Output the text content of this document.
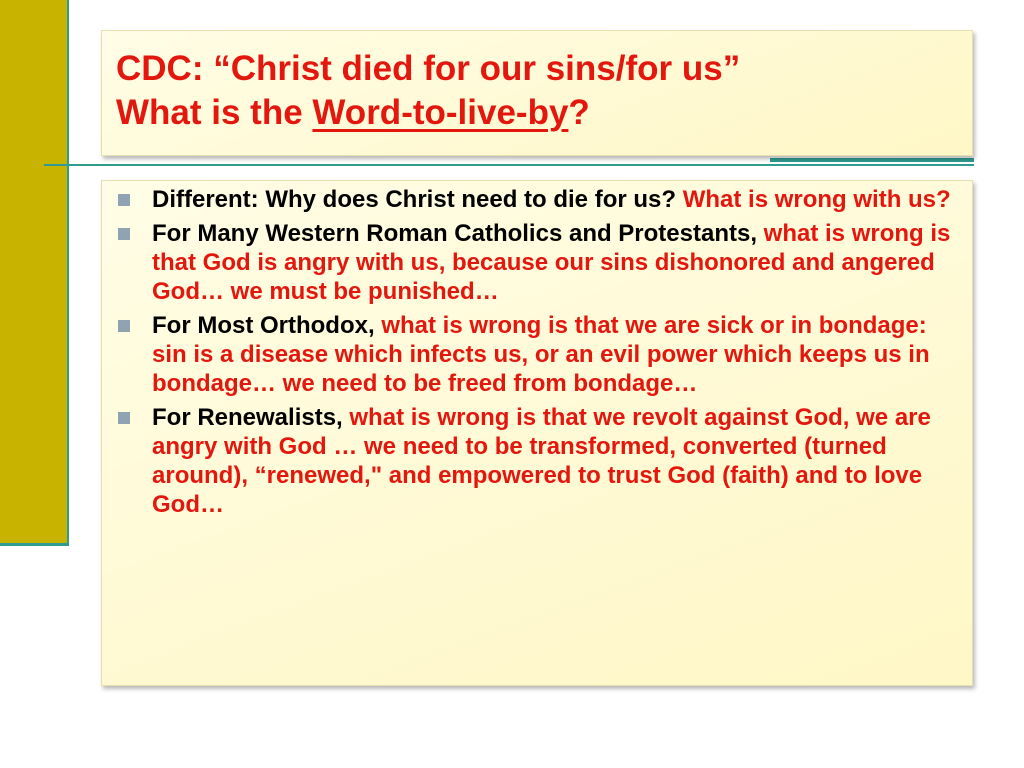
CDC: “Christ died for our sins/for us”
What is the Word-to-live-by?
Different: Why does Christ need to die for us? What is wrong with us?
For Many Western Roman Catholics and Protestants, what is wrong is that God is angry with us, because our sins dishonored and angered God… we must be punished…
For Most Orthodox, what is wrong is that we are sick or in bondage: sin is a disease which infects us, or an evil power which keeps us in bondage… we need to be freed from bondage…
For Renewalists, what is wrong is that we revolt against God, we are angry with God … we need to be transformed, converted (turned around), “renewed," and empowered to trust God (faith) and to love God…
